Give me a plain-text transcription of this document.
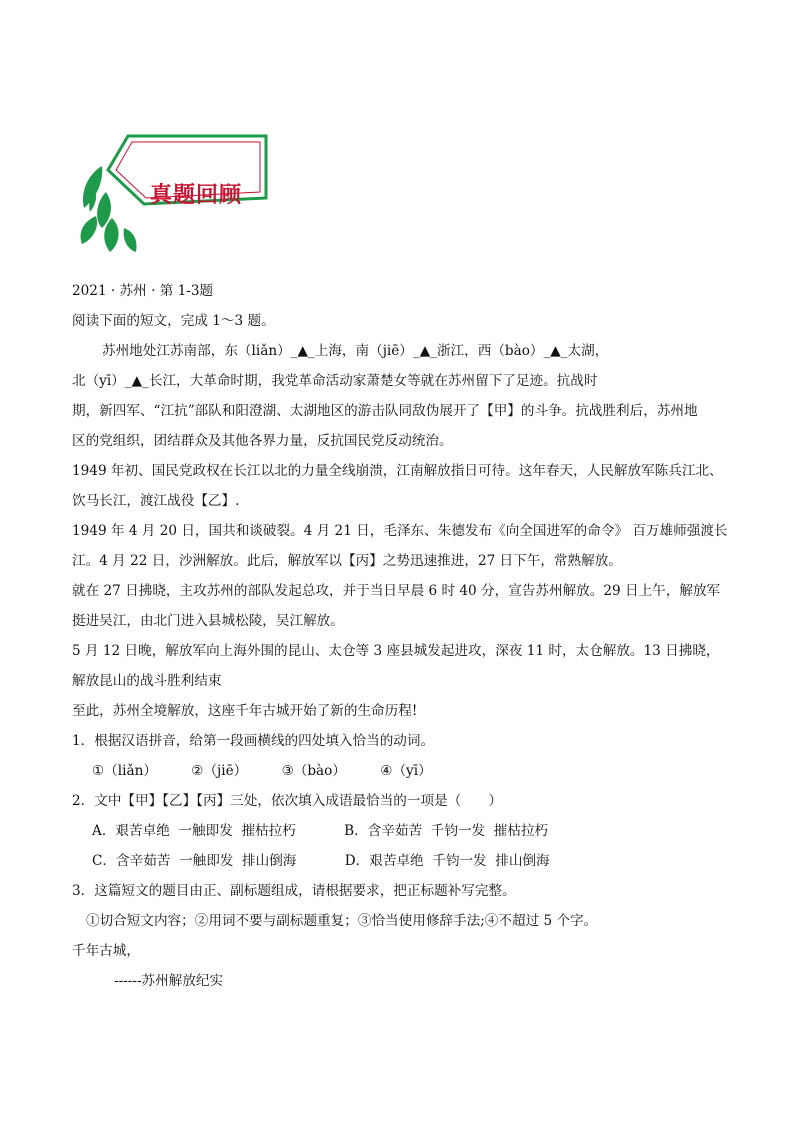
真题回顾
2021 · 苏州 · 第 1-3题
阅读下面的短文，完成 1～3 题。
苏州地处江苏南部，东（liǎn）_▲_上海，南（jiē）_▲_浙江，西（bào）_▲_太湖，
北（yī）_▲_长江，大革命时期，我党革命活动家萧楚女等就在苏州留下了足迹。抗战时
期，新四军、“江抗”部队和阳澄湖、太湖地区的游击队同敌伪展开了【甲】的斗争。抗战胜利后，苏州地
区的党组织，团结群众及其他各界力量，反抗国民党反动统治。
1949 年初、国民党政权在长江以北的力量全线崩溃，江南解放指日可待。这年春天，人民解放军陈兵江北、
饮马长江，渡江战役【乙】.
1949 年 4 月 20 日，国共和谈破裂。4 月 21 日，毛泽东、朱德发布《向全国进军的命令》 百万雄师强渡长
江。4 月 22 日，沙洲解放。此后，解放军以【丙】之势迅速推进，27 日下午，常熟解放。
就在 27 日拂晓，主攻苏州的部队发起总攻，并于当日早晨 6 时 40 分，宣告苏州解放。29 日上午，解放军
挺进吴江，由北门进入县城松陵，吴江解放。
5 月 12 日晚，解放军向上海外围的昆山、太仓等 3 座县城发起进攻，深夜 11 时，太仓解放。13 日拂晓，
解放昆山的战斗胜利结束
至此，苏州全境解放，这座千年古城开始了新的生命历程!
1．根据汉语拼音，给第一段画横线的四处填入恰当的动词。
①（liǎn）	②（jiē）	③（bào）	④（yī）
2．文中【甲】【乙】【丙】三处，依次填入成语最恰当的一项是（　　）
A．艰苦卓绝  一触即发  摧枯拉朽	B．含辛茹苦  千钧一发  摧枯拉朽
C．含辛茹苦  一触即发  排山倒海	D．艰苦卓绝  千钧一发  排山倒海
3．这篇短文的题目由正、副标题组成，请根据要求，把正标题补写完整。
①切合短文内容；②用词不要与副标题重复；③恰当使用修辞手法;④不超过 5 个字。
千年古城，
------苏州解放纪实
